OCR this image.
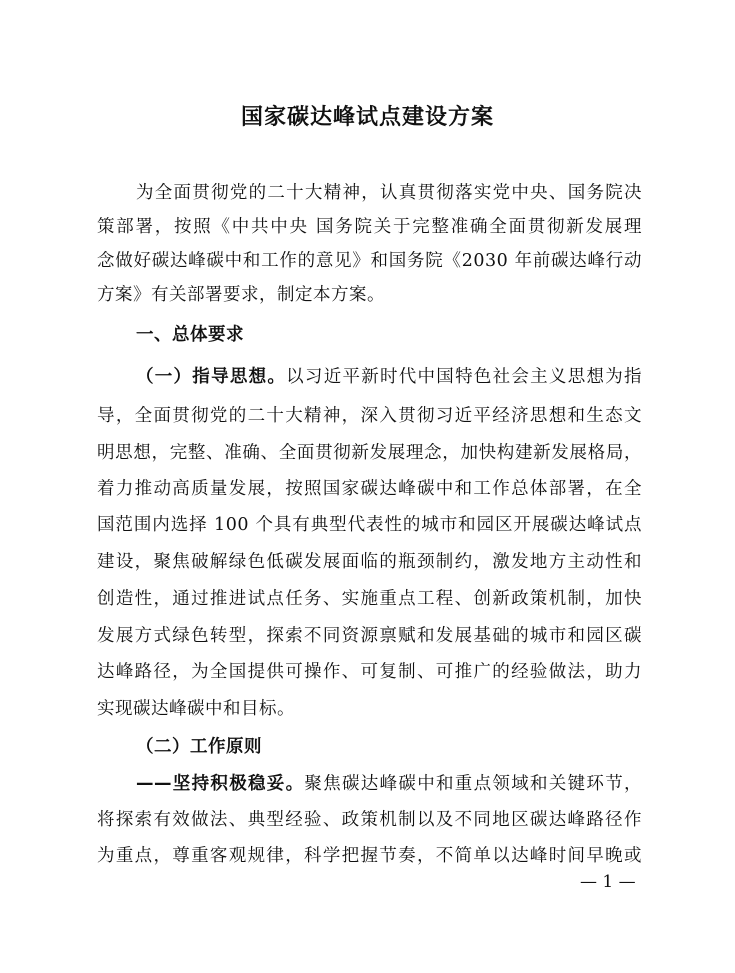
国家碳达峰试点建设方案
为全面贯彻党的二十大精神，认真贯彻落实党中央、国务院决
策部署，按照《中共中央 国务院关于完整准确全面贯彻新发展理
念做好碳达峰碳中和工作的意见》和国务院《2030 年前碳达峰行动
方案》有关部署要求，制定本方案。
一、总体要求
（一）指导思想。以习近平新时代中国特色社会主义思想为指
导，全面贯彻党的二十大精神，深入贯彻习近平经济思想和生态文
明思想，完整、准确、全面贯彻新发展理念，加快构建新发展格局，
着力推动高质量发展，按照国家碳达峰碳中和工作总体部署，在全
国范围内选择 100 个具有典型代表性的城市和园区开展碳达峰试点
建设，聚焦破解绿色低碳发展面临的瓶颈制约，激发地方主动性和
创造性，通过推进试点任务、实施重点工程、创新政策机制，加快
发展方式绿色转型，探索不同资源禀赋和发展基础的城市和园区碳
达峰路径，为全国提供可操作、可复制、可推广的经验做法，助力
实现碳达峰碳中和目标。
（二）工作原则
——坚持积极稳妥。聚焦碳达峰碳中和重点领域和关键环节，
将探索有效做法、典型经验、政策机制以及不同地区碳达峰路径作
为重点，尊重客观规律，科学把握节奏，不简单以达峰时间早晚或
— 1 —
